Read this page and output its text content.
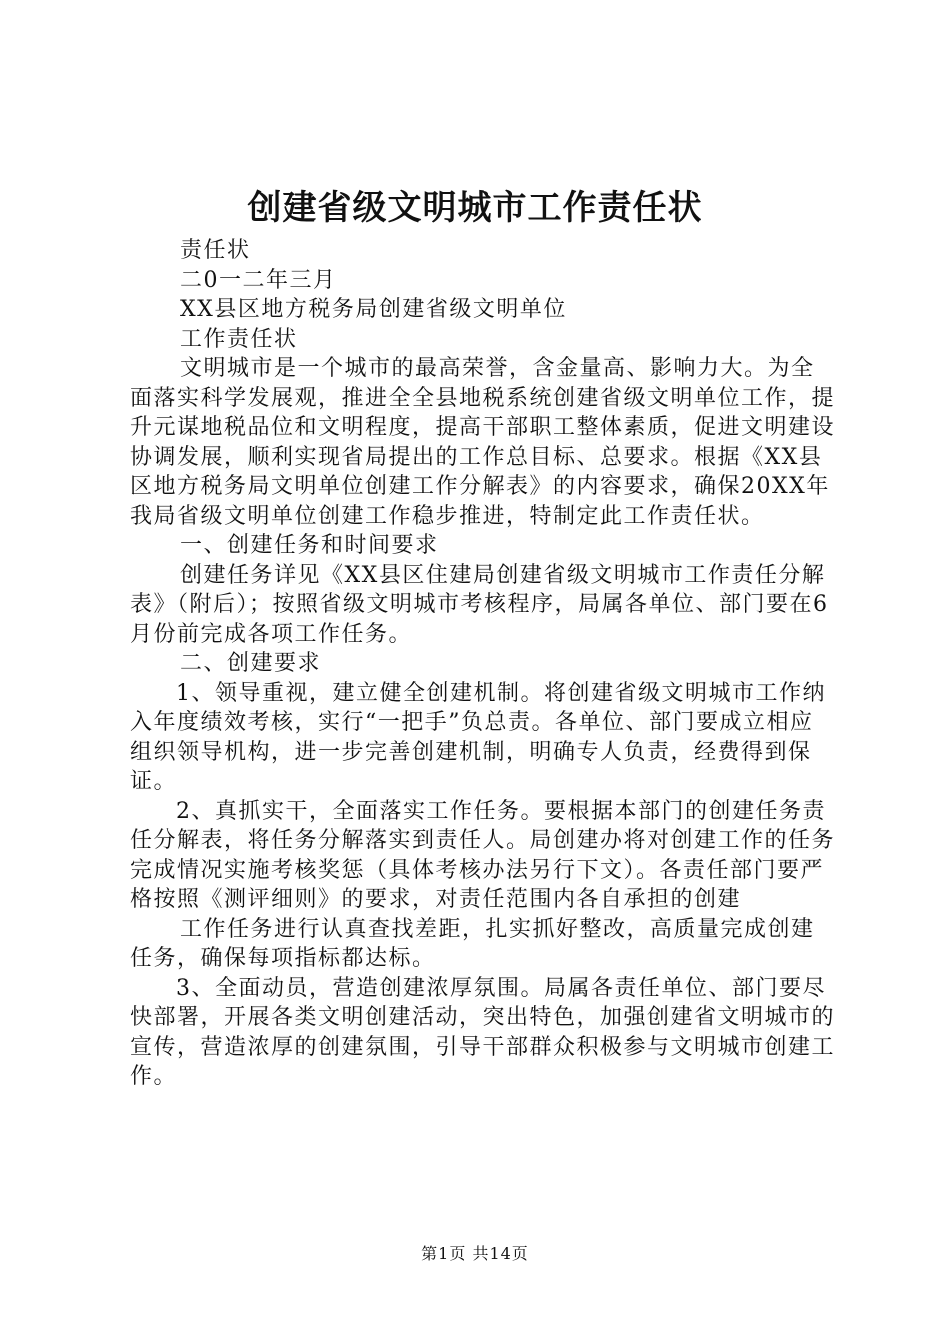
创建省级文明城市工作责任状

责任状

二0一二年三月

XX县区地方税务局创建省级文明单位

工作责任状

文明城市是一个城市的最高荣誉，含金量高、影响力大。为全面落实科学发展观，推进全全县地税系统创建省级文明单位工作，提升元谋地税品位和文明程度，提高干部职工整体素质，促进文明建设协调发展，顺利实现省局提出的工作总目标、总要求。根据《XX县区地方税务局文明单位创建工作分解表》的内容要求，确保20XX年我局省级文明单位创建工作稳步推进，特制定此工作责任状。

一、创建任务和时间要求

创建任务详见《XX县区住建局创建省级文明城市工作责任分解表》（附后）；按照省级文明城市考核程序，局属各单位、部门要在6月份前完成各项工作任务。

二、创建要求

1、领导重视，建立健全创建机制。将创建省级文明城市工作纳入年度绩效考核，实行“一把手”负总责。各单位、部门要成立相应组织领导机构，进一步完善创建机制，明确专人负责，经费得到保证。

2、真抓实干，全面落实工作任务。要根据本部门的创建任务责任分解表，将任务分解落实到责任人。局创建办将对创建工作的任务完成情况实施考核奖惩（具体考核办法另行下文）。各责任部门要严格按照《测评细则》的要求，对责任范围内各自承担的创建

工作任务进行认真查找差距，扎实抓好整改，高质量完成创建任务，确保每项指标都达标。

3、全面动员，营造创建浓厚氛围。局属各责任单位、部门要尽快部署，开展各类文明创建活动，突出特色，加强创建省文明城市的宣传，营造浓厚的创建氛围，引导干部群众积极参与文明城市创建工作。

第1页 共14页
